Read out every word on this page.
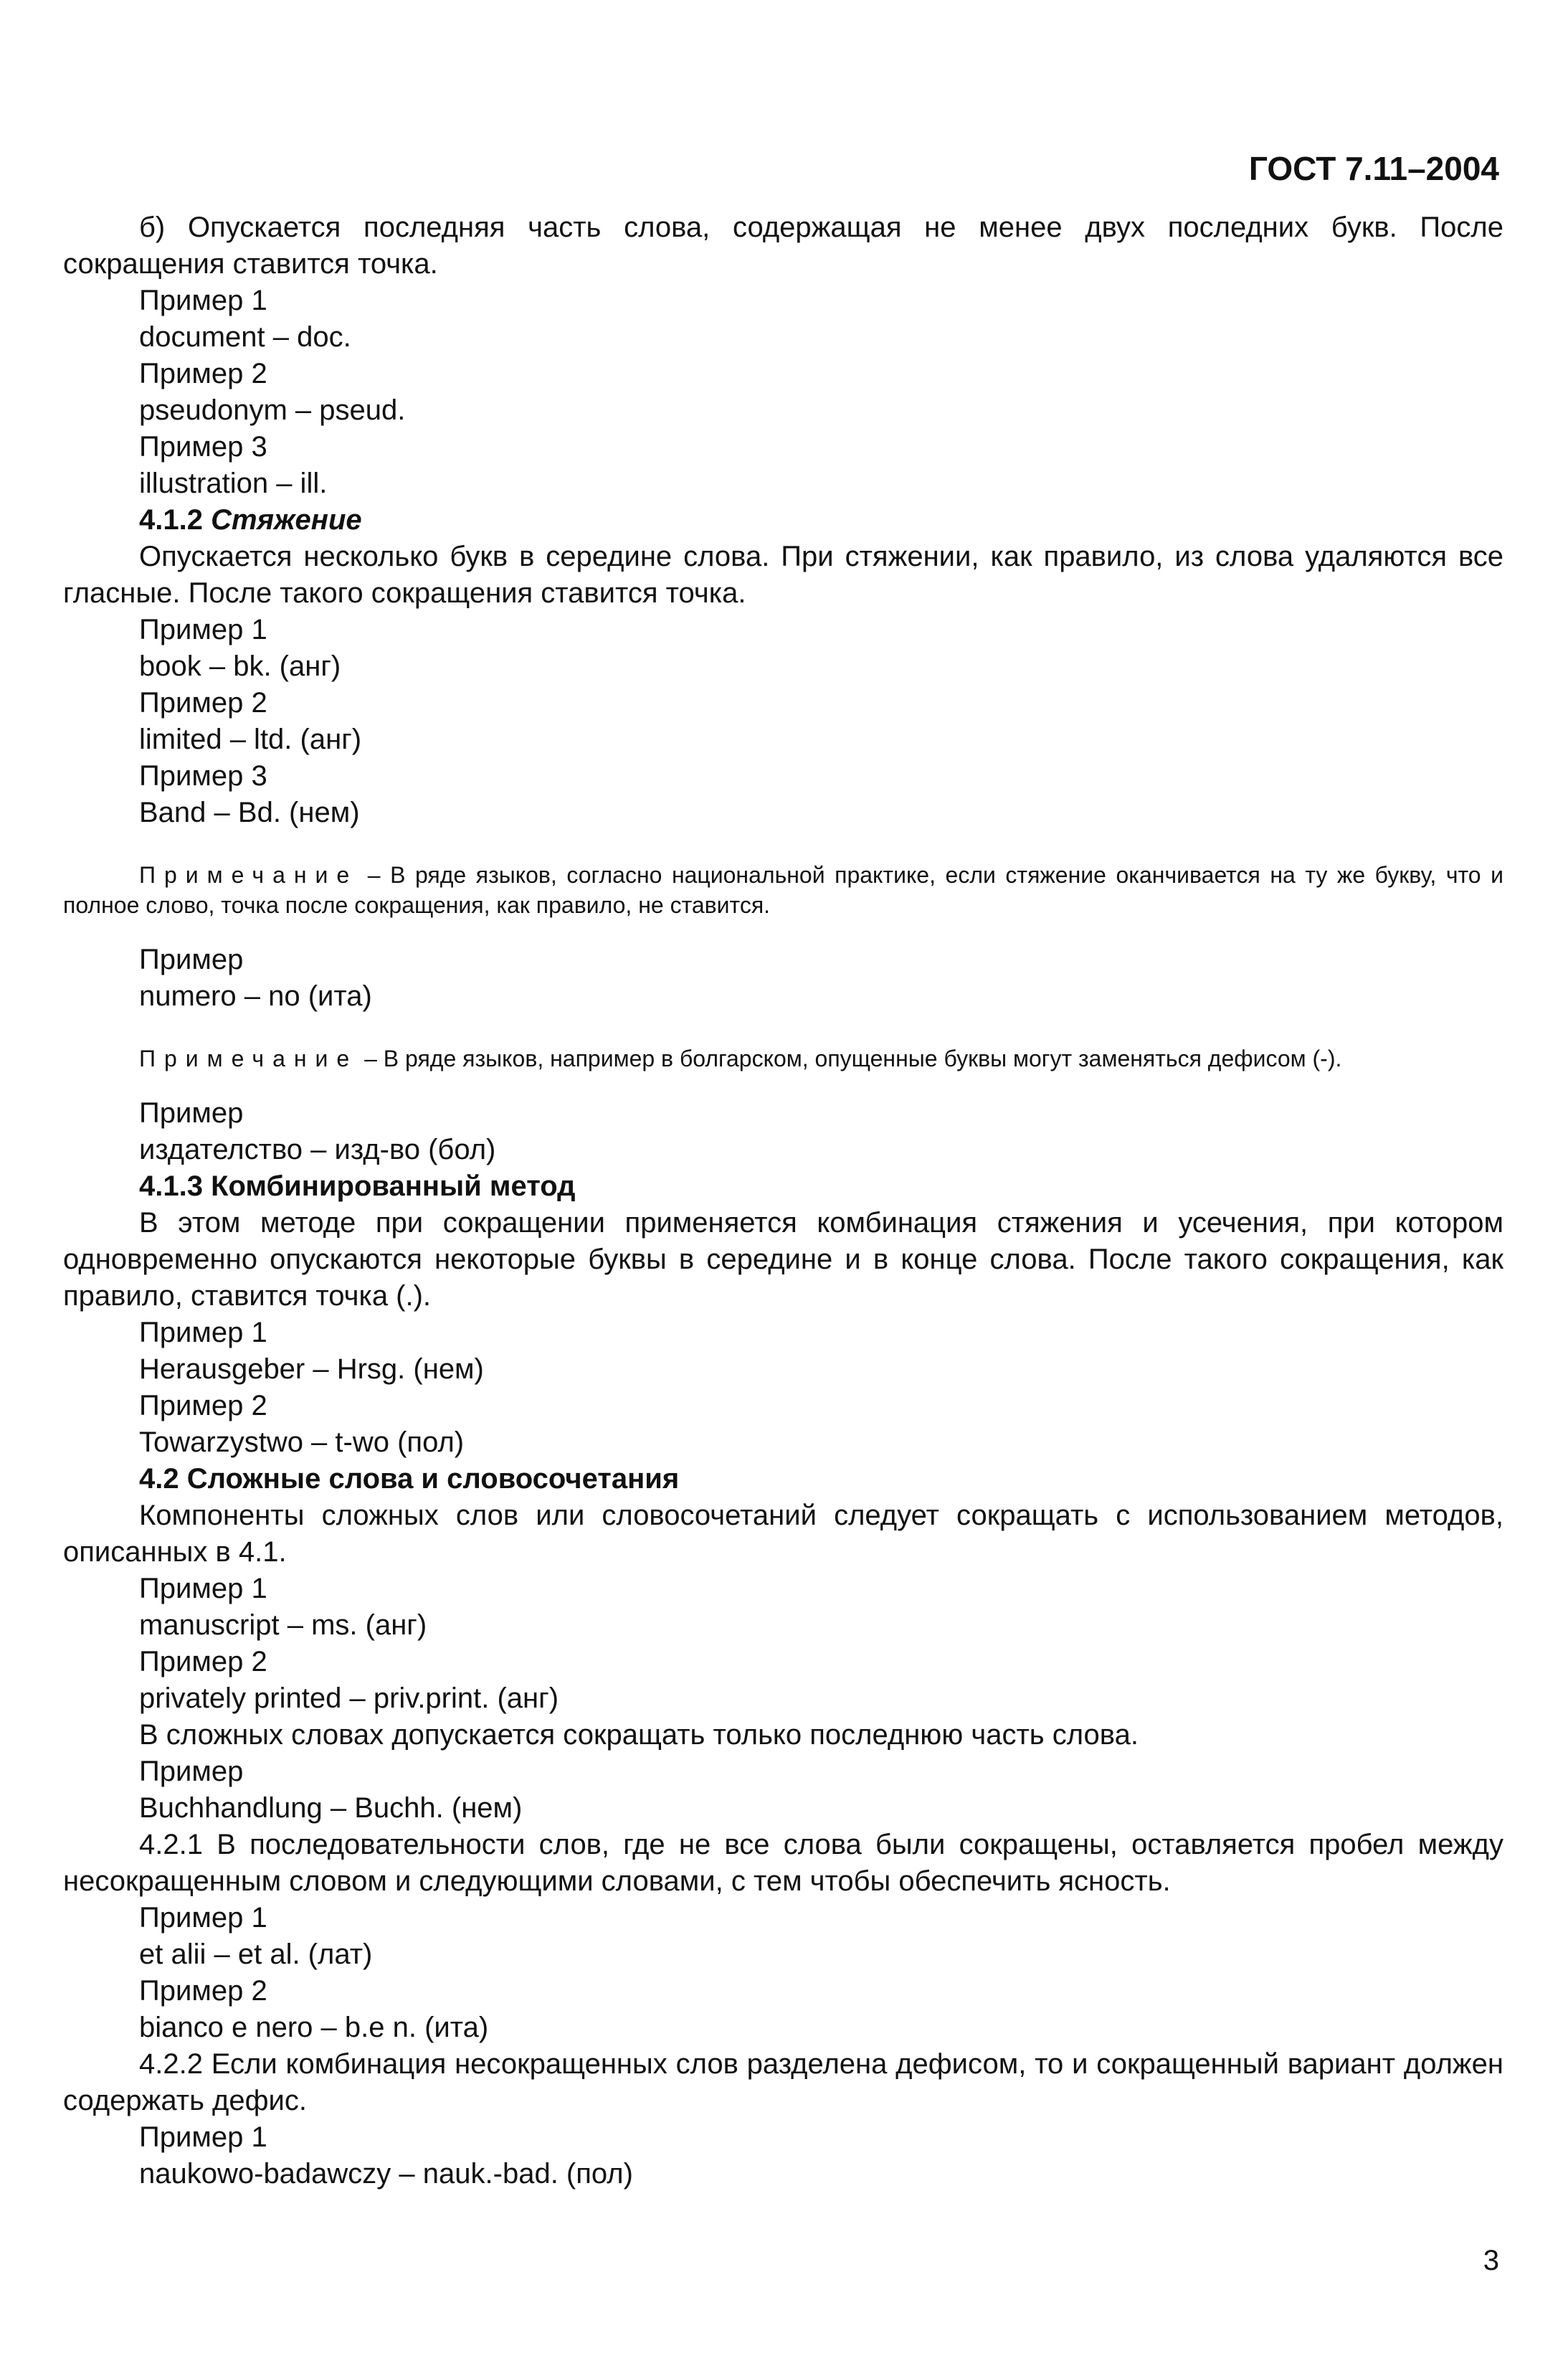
ГОСТ 7.11–2004

б) Опускается последняя часть слова, содержащая не менее двух последних букв. После сокращения ставится точка.

Пример 1

document – doc.

Пример 2

pseudonym – pseud.

Пример 3

illustration – ill.

4.1.2 Стяжение

Опускается несколько букв в середине слова. При стяжении, как правило, из слова удаляются все гласные. После такого сокращения ставится точка.

Пример 1

book – bk. (анг)

Пример 2

limited – ltd. (анг)

Пример 3

Band – Bd. (нем)

Примечание – В ряде языков, согласно национальной практике, если стяжение оканчивается на ту же букву, что и полное слово, точка после сокращения, как правило, не ставится.

Пример

numero – no (ита)

Примечание – В ряде языков, например в болгарском, опущенные буквы могут заменяться дефисом (-).

Пример

издателство – изд-во (бол)

4.1.3 Комбинированный метод

В этом методе при сокращении применяется комбинация стяжения и усечения, при котором одновременно опускаются некоторые буквы в середине и в конце слова. После такого сокращения, как правило, ставится точка (.).

Пример 1

Herausgeber – Hrsg. (нем)

Пример 2

Towarzystwo – t-wo (пол)

4.2 Сложные слова и словосочетания

Компоненты сложных слов или словосочетаний следует сокращать с использованием методов, описанных в 4.1.

Пример 1

manuscript – ms. (анг)

Пример 2

privately printed – priv.print. (анг)

В сложных словах допускается сокращать только последнюю часть слова.

Пример

Buchhandlung – Buchh. (нем)

4.2.1 В последовательности слов, где не все слова были сокращены, оставляется пробел между несокращенным словом и следующими словами, с тем чтобы обеспечить ясность.

Пример 1

et alii – et al. (лат)

Пример 2

bianco e nero – b.e n. (ита)

4.2.2 Если комбинация несокращенных слов разделена дефисом, то и сокращенный вариант должен содержать дефис.

Пример 1

naukowo-badawczy – nauk.-bad. (пол)

3
